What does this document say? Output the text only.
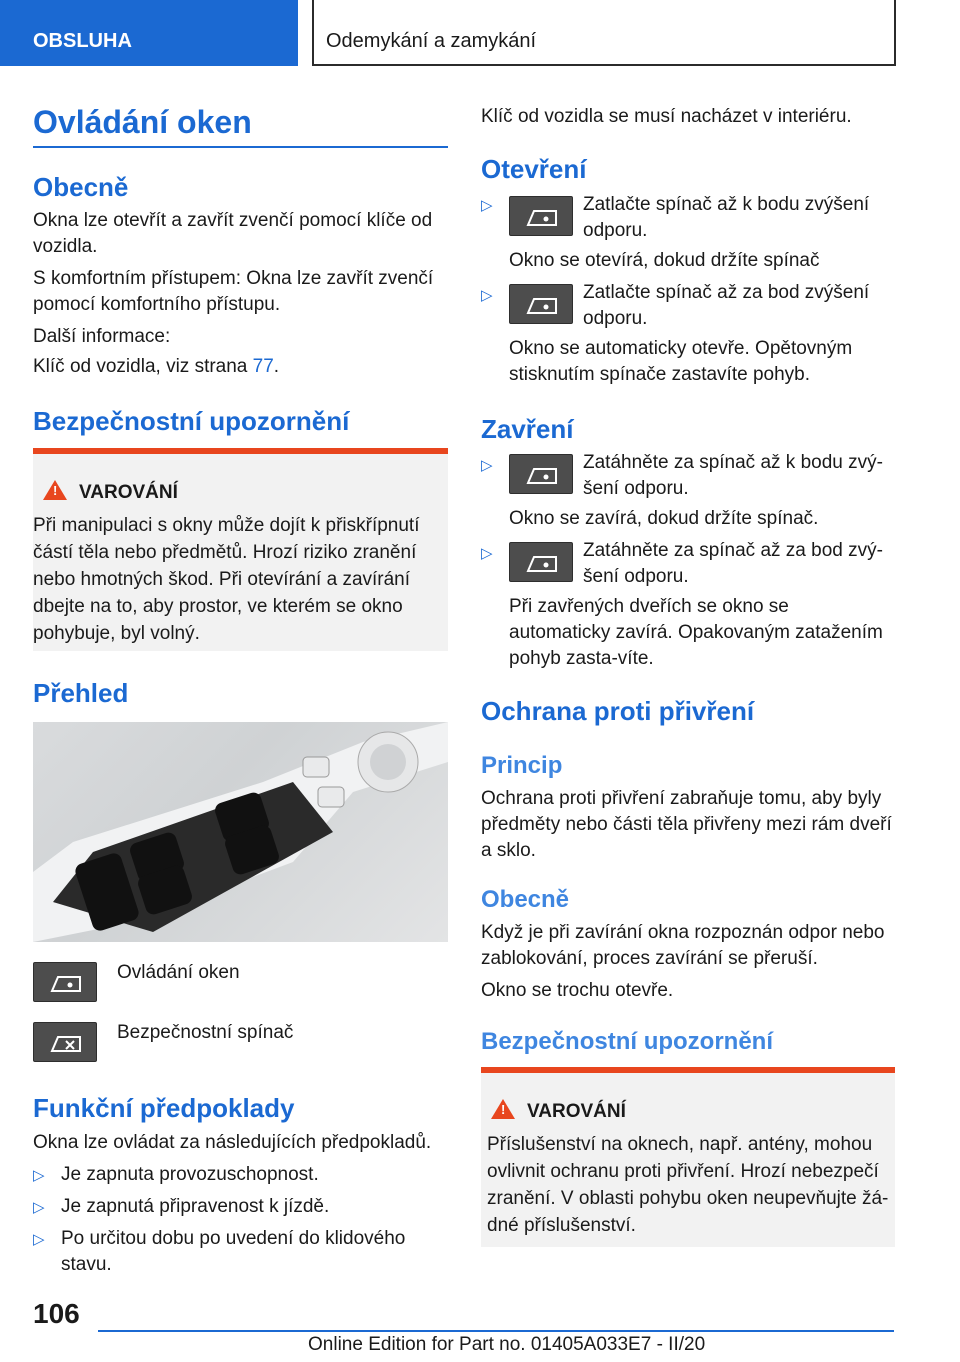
OBSLUHA	Odemykání a zamykání
Ovládání oken
Obecně

Okna lze otevřít a zavřít zvenčí pomocí klíče od vozidla.

S komfortním přístupem: Okna lze zavřít zvenčí pomocí komfortního přístupu.

Další informace:

Klíč od vozidla, viz strana 77.

Bezpečnostní upozornění
!
VAROVÁNÍ
Při manipulaci s okny může dojít k přiskřípnutí částí těla nebo předmětů. Hrozí riziko zranění nebo hmotných škod. Při otevírání a zavírání dbejte na to, aby prostor, ve kterém se okno pohybuje, byl volný.
Přehled

Ovládání oken

Bezpečnostní spínač

Funkční předpoklady

Okna lze ovládat za následujících předpokladů.

▷ Je zapnuta provozuschopnost.

▷ Je zapnutá připravenost k jízdě.

▷ Po určitou dobu po uvedení do klidového stavu.

Klíč od vozidla se musí nacházet v interiéru.

Otevření
▷	Zatlačte spínač až k bodu zvýšení odporu.

Okno se otevírá, dokud držíte spínač

▷	Zatlačte spínač až za bod zvýšení odporu.

Okno se automaticky otevře. Opětovným stisknutím spínače zastavíte pohyb.

Zavření
▷	Zatáhněte za spínač až k bodu zvý-šení odporu.

Okno se zavírá, dokud držíte spínač.

▷	Zatáhněte za spínač až za bod zvý-šení odporu.

Při zavřených dveřích se okno se automaticky zavírá. Opakovaným zatažením pohyb zasta-víte.

Ochrana proti přivření
Princip

Ochrana proti přivření zabraňuje tomu, aby byly předměty nebo části těla přivřeny mezi rám dveří a sklo.

Obecně

Když je při zavírání okna rozpoznán odpor nebo zablokování, proces zavírání se přeruší.

Okno se trochu otevře.

Bezpečnostní upozornění
!
VAROVÁNÍ
Příslušenství na oknech, např. antény, mohou ovlivnit ochranu proti přivření. Hrozí nebezpečí zranění. V oblasti pohybu oken neupevňujte žá-dné příslušenství.
106
Online Edition for Part no. 01405A033E7 - II/20
